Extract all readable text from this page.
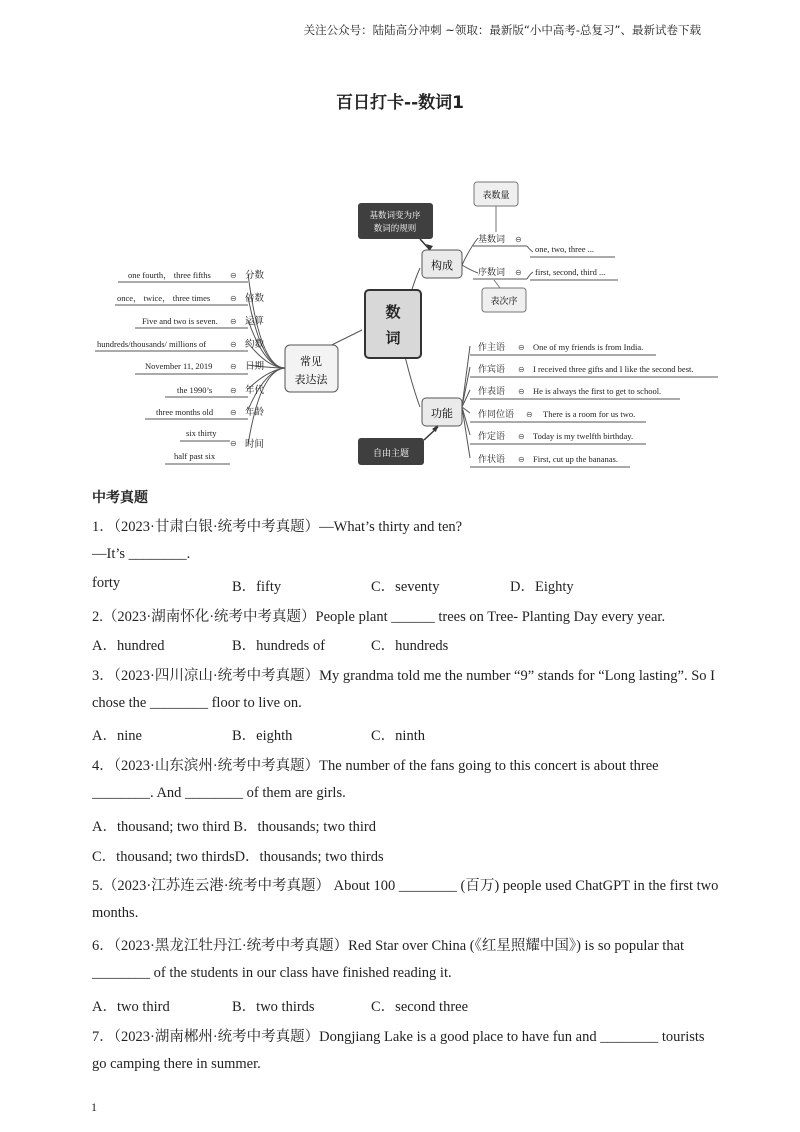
关注公众号：陆陆高分冲刺 ~领取：最新版“小中高考-总复习”、最新试卷下载
百日打卡--数词1
one fourth， three fifths
once， twice， three times
Five and two is seven.
hundreds/thousands/ millions of
November 11, 2019
the 1990’s
three months old
six thirty
half past six
⊖
⊖
⊖
⊖
⊖
⊖
⊖
⊖
分数
倍数
运算
约数
日期
年代
年龄
时间
常见
表达法
数
词
构成
基数词变为序
数词的规则
基数词
序数词
⊖
⊖
one, two, three ...
first, second, third ...
表数量
表次序
功能
自由主题
作主语
作宾语
作表语
作同位语
作定语
作状语
⊖
⊖
⊖
⊖
⊖
⊖
One of my friends is from India.
I received three gifts and I like the second best.
He is always the first to get to school.
There is a room for us two.
Today is my twelfth birthday.
First, cut up the bananas.
中考真题
1．（2023·甘肃白银·统考中考真题）—What’s thirty and ten?
—It’s ________.
forty	B．fifty	C．seventy	D．Eighty
2.（2023·湖南怀化·统考中考真题）People plant ______ trees on Tree- Planting Day every year.
A．hundred	B．hundreds of	C．hundreds
3．（2023·四川凉山·统考中考真题）My grandma told me the number “9” stands for “Long lasting”. So I
chose the ________ floor to live on.
A．nine	B．eighth	C．ninth
4．（2023·山东滨州·统考中考真题）The number of the fans going to this concert is about three
________. And ________ of them are girls.
A．thousand; two third B．thousands; two third
C．thousand; two thirdsD．thousands; two thirds
5.（2023·江苏连云港·统考中考真题） About 100 ________ (百万) people used ChatGPT in the first two
months.
6．（2023·黑龙江牡丹江·统考中考真题）Red Star over China (《红星照耀中国》) is so popular that
________ of the students in our class have finished reading it.
A．two third	B．two thirds	C．second three
7．（2023·湖南郴州·统考中考真题）Dongjiang Lake is a good place to have fun and ________ tourists
go camping there in summer.
1
